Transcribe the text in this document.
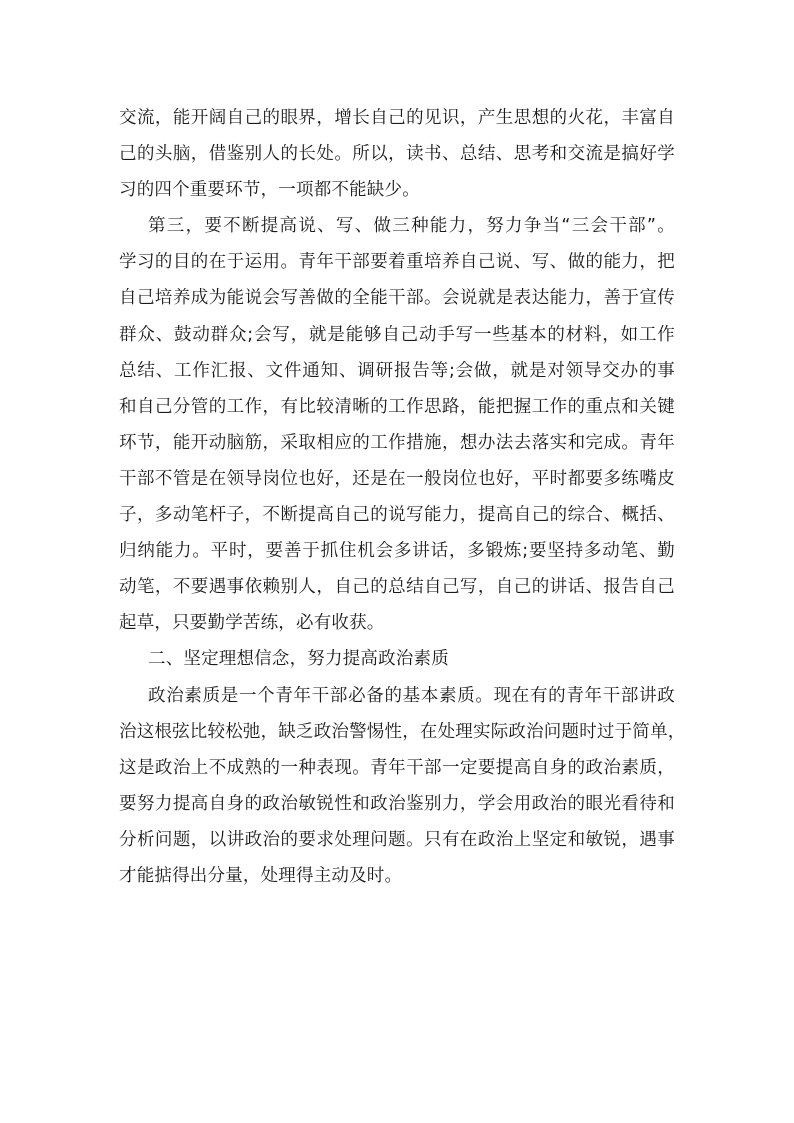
交流，能开阔自己的眼界，增长自己的见识，产生思想的火花，丰富自
己的头脑，借鉴别人的长处。所以，读书、总结、思考和交流是搞好学
习的四个重要环节，一项都不能缺少。
第三，要不断提高说、写、做三种能力，努力争当“三会干部”。
学习的目的在于运用。青年干部要着重培养自己说、写、做的能力，把
自己培养成为能说会写善做的全能干部。会说就是表达能力，善于宣传
群众、鼓动群众;会写，就是能够自己动手写一些基本的材料，如工作
总结、工作汇报、文件通知、调研报告等;会做，就是对领导交办的事
和自己分管的工作，有比较清晰的工作思路，能把握工作的重点和关键
环节，能开动脑筋，采取相应的工作措施，想办法去落实和完成。青年
干部不管是在领导岗位也好，还是在一般岗位也好，平时都要多练嘴皮
子，多动笔杆子，不断提高自己的说写能力，提高自己的综合、概括、
归纳能力。平时，要善于抓住机会多讲话，多锻炼;要坚持多动笔、勤
动笔，不要遇事依赖别人，自己的总结自己写，自己的讲话、报告自己
起草，只要勤学苦练，必有收获。
二、坚定理想信念，努力提高政治素质
政治素质是一个青年干部必备的基本素质。现在有的青年干部讲政
治这根弦比较松弛，缺乏政治警惕性，在处理实际政治问题时过于简单，
这是政治上不成熟的一种表现。青年干部一定要提高自身的政治素质，
要努力提高自身的政治敏锐性和政治鉴别力，学会用政治的眼光看待和
分析问题，以讲政治的要求处理问题。只有在政治上坚定和敏锐，遇事
才能掂得出分量，处理得主动及时。
